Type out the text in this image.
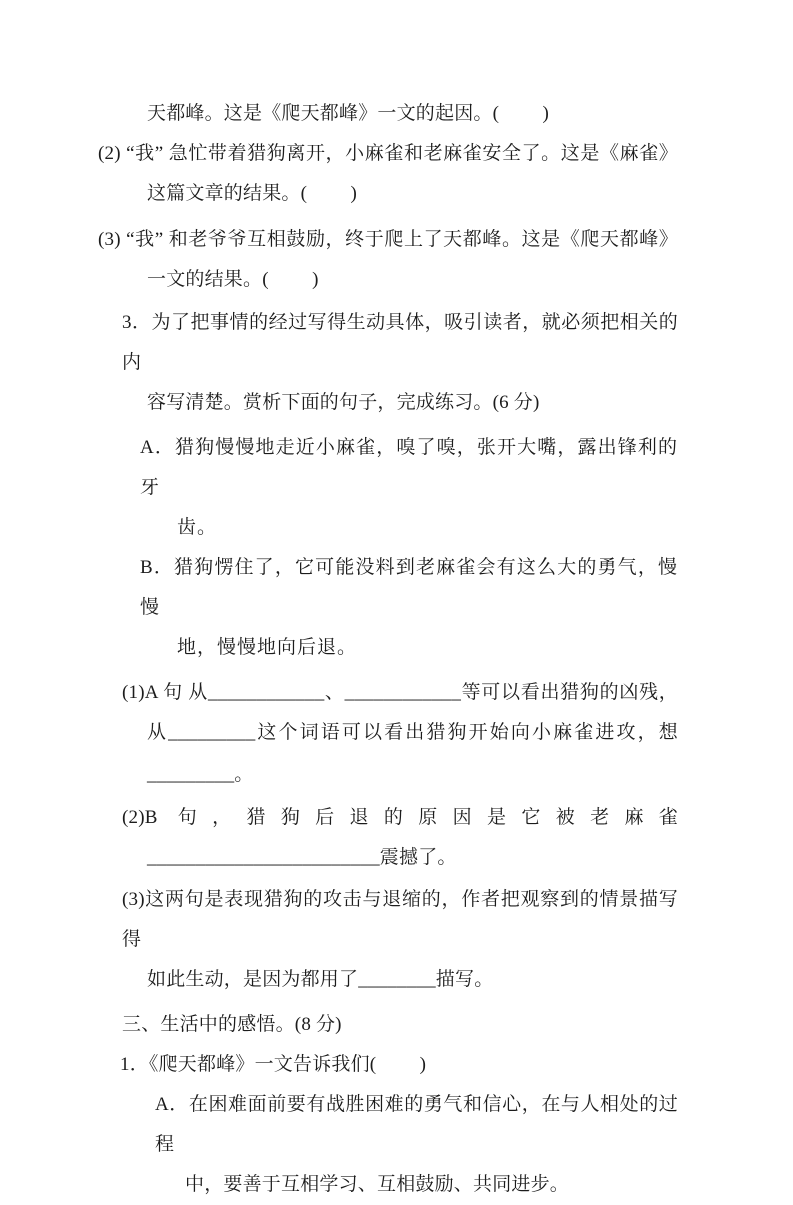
天都峰。这是《爬天都峰》一文的起因。(　　 )
(2) “我” 急忙带着猎狗离开，小麻雀和老麻雀安全了。这是《麻雀》
这篇文章的结果。(　　 )
(3) “我” 和老爷爷互相鼓励，终于爬上了天都峰。这是《爬天都峰》
一文的结果。(　　 )
3．为了把事情的经过写得生动具体，吸引读者，就必须把相关的内
容写清楚。赏析下面的句子，完成练习。(6 分)
A．猎狗慢慢地走近小麻雀，嗅了嗅，张开大嘴，露出锋利的牙
齿。
B．猎狗愣住了，它可能没料到老麻雀会有这么大的勇气，慢慢
地，慢慢地向后退。
(1)A 句 从____________、____________等可以看出猎狗的凶残，
从_________这个词语可以看出猎狗开始向小麻雀进攻，想
_________。
(2)B 句，猎狗后退的原因是它被老麻雀
________________________震撼了。
(3)这两句是表现猎狗的攻击与退缩的，作者把观察到的情景描写得
如此生动，是因为都用了________描写。
三、生活中的感悟。(8 分)
1．《爬天都峰》一文告诉我们(　　 )
A．在困难面前要有战胜困难的勇气和信心，在与人相处的过程
中，要善于互相学习、互相鼓励、共同进步。
